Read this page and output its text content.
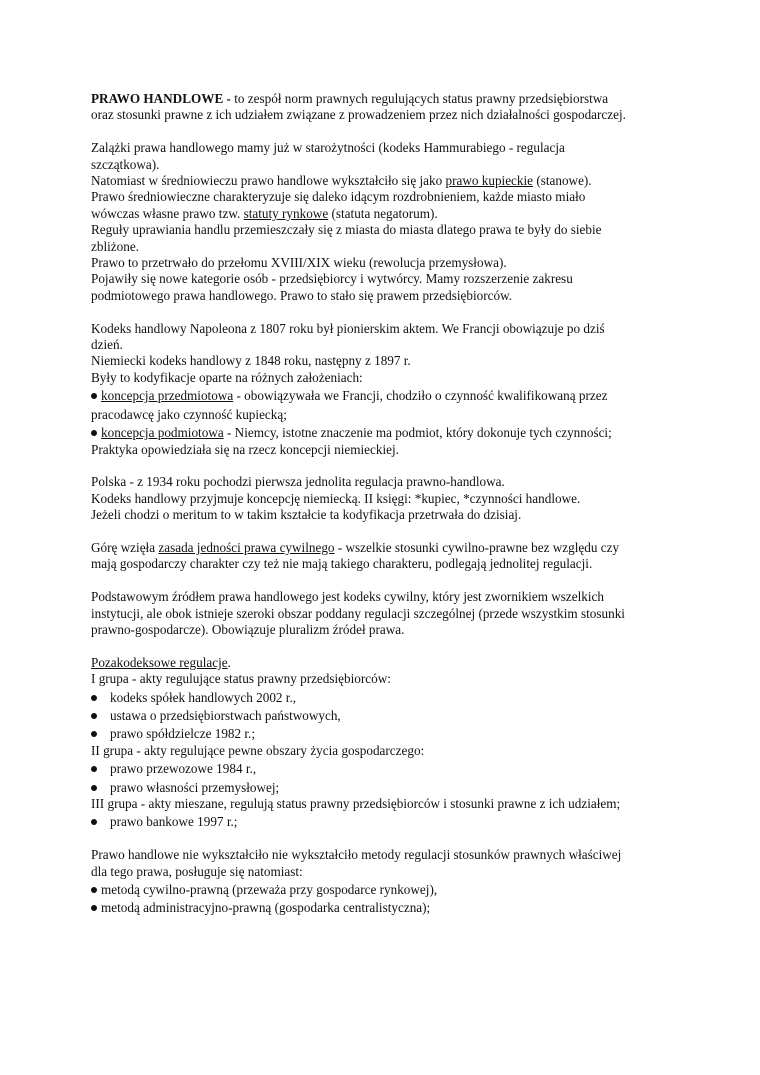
PRAWO HANDLOWE - to zespół norm prawnych regulujących status prawny przedsiębiorstwa
oraz stosunki prawne z ich udziałem związane z prowadzeniem przez nich działalności gospodarczej.
Zalążki prawa handlowego mamy już w starożytności (kodeks Hammurabiego - regulacja
szczątkowa).
Natomiast w średniowieczu prawo handlowe wykształciło się jako prawo kupieckie (stanowe).
Prawo średniowieczne charakteryzuje się daleko idącym rozdrobnieniem, każde miasto miało
wówczas własne prawo tzw. statuty rynkowe (statuta negatorum).
Reguły uprawiania handlu przemieszczały się z miasta do miasta dlatego prawa te były do siebie
zbliżone.
Prawo to przetrwało do przełomu XVIII/XIX wieku (rewolucja przemysłowa).
Pojawiły się nowe kategorie osób - przedsiębiorcy i wytwórcy. Mamy rozszerzenie zakresu
podmiotowego prawa handlowego. Prawo to stało się prawem przedsiębiorców.
Kodeks handlowy Napoleona z 1807 roku był pionierskim aktem. We Francji obowiązuje po dziś
dzień.
Niemiecki kodeks handlowy z 1848 roku, następny z 1897 r.
Były to kodyfikacje oparte na różnych założeniach:
koncepcja przedmiotowa - obowiązywała we Francji, chodziło o czynność kwalifikowaną przez
pracodawcę jako czynność kupiecką;
koncepcja podmiotowa - Niemcy, istotne znaczenie ma podmiot, który dokonuje tych czynności;
Praktyka opowiedziała się na rzecz koncepcji niemieckiej.
Polska - z 1934 roku pochodzi pierwsza jednolita regulacja prawno-handlowa.
Kodeks handlowy przyjmuje koncepcję niemiecką. II księgi: *kupiec, *czynności handlowe.
Jeżeli chodzi o meritum to w takim kształcie ta kodyfikacja przetrwała do dzisiaj.
Górę wzięła zasada jedności prawa cywilnego - wszelkie stosunki cywilno-prawne bez względu czy
mają gospodarczy charakter czy też nie mają takiego charakteru, podlegają jednolitej regulacji.
Podstawowym źródłem prawa handlowego jest kodeks cywilny, który jest zwornikiem wszelkich
instytucji, ale obok istnieje szeroki obszar poddany regulacji szczególnej (przede wszystkim stosunki
prawno-gospodarcze). Obowiązuje pluralizm źródeł prawa.
Pozakodeksowe regulacje.
I grupa - akty regulujące status prawny przedsiębiorców:
kodeks spółek handlowych 2002 r.,
ustawa o przedsiębiorstwach państwowych,
prawo spółdzielcze 1982 r.;
II grupa - akty regulujące pewne obszary życia gospodarczego:
prawo przewozowe 1984 r.,
prawo własności przemysłowej;
III grupa - akty mieszane, regulują status prawny przedsiębiorców i stosunki prawne z ich udziałem;
prawo bankowe 1997 r.;
Prawo handlowe nie wykształciło nie wykształciło metody regulacji stosunków prawnych właściwej
dla tego prawa, posługuje się natomiast:
metodą cywilno-prawną (przeważa przy gospodarce rynkowej),
metodą administracyjno-prawną (gospodarka centralistyczna);
